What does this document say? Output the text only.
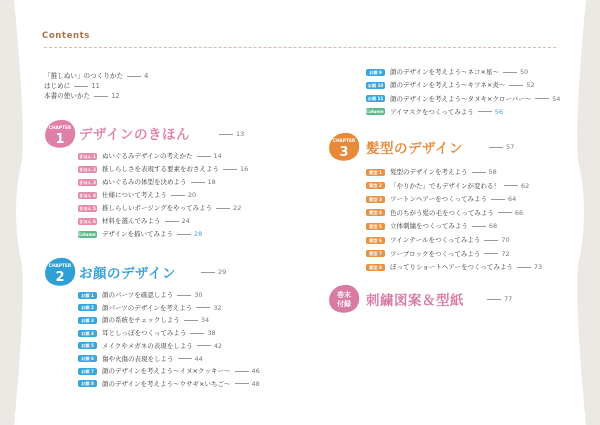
Contents
「推しぬい」のつくりかた	4
はじめに	11
本書の使いかた	12
CHAPTER
1 デザインのきほん	13
CHAPTER
2 お顔のデザイン	29
CHAPTER
3 髪型のデザイン	57
巻末
付録 刺繍図案＆型紙	77
きほん 1 ぬいぐるみデザインの考えかた	14
きほん 2 推しらしさを表現する要素をおさえよう	16
きほん 3 ぬいぐるみの体型を決めよう	18
きほん 4 仕様について考えよう	20
きほん 5 推しらしいポージングをやってみよう	22
きほん 6 材料を選んでみよう	24
Column 1 デザインを描いてみよう	28
お顔 1 顔のパーツを確認しよう	30
お顔 2 顔パーツのデザインを考えよう	32
お顔 3 顔の系統をチェックしよう	34
お顔 4 耳としっぽをつくってみよう	38
お顔 5 メイクやメガネの表現をしよう	42
お顔 6 傷や火傷の表現をしよう	44
お顔 7 顔のデザインを考えよう～イヌ×クッキー～	46
お顔 8 顔のデザインを考えよう～ウサギ×いちご～	48
お顔 9 顔のデザインを考えよう～ネコ×星～	50
お顔 10 顔のデザインを考えよう～キツネ×炎～	52
お顔 11 顔のデザインを考えよう～タヌキ×クローバー～	54
Column 2 アイマスクをつくってみよう	56
髪型 1 髪型のデザインを考えよう	58
髪型 2 「やりかた」でもデザインが変わる！	62
髪型 3 ツートンヘアーをつくってみよう	64
髪型 4 色のちがう髪の毛をつくってみよう	66
髪型 5 立体刺繍をつくってみよう	68
髪型 6 ツインテールをつくってみよう	70
髪型 7 ツーブロックをつくってみよう	72
髪型 8 ぼってりショートヘアーをつくってみよう	73
